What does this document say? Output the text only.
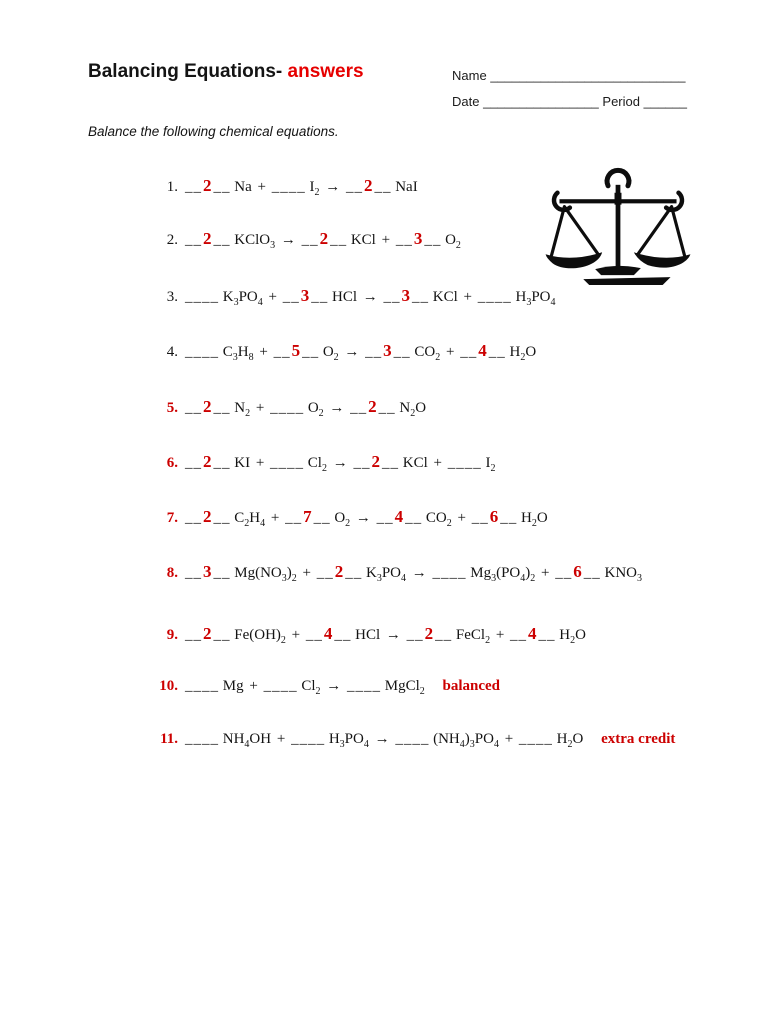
Balancing Equations- answers	Name ___________________________
Date ________________ Period ______
Balance the following chemical equations.
1. __2__ Na + ____ $I_2$ → __2__ NaI
2. __2__ KClO$_3$ → __2__ KCl + __3__ $O_2$
3. ____ $K_3PO_4$ + __3__ HCl → __3__ KCl + ____ $H_3PO_4$
4. ____ $C_3H_8$ + __5__ $O_2$ → __3__ $CO_2$ + __4__ $H_2O$
5. __2__ $N_2$ + ____ $O_2$ → __2__ $N_2O$
6. __2__ KI + ____ $Cl_2$ → __2__ KCl + ____ $I_2$
7. __2__ $C_2H_4$ + __7__ $O_2$ → __4__ $CO_2$ + __6__ $H_2O$
8. __3__ $Mg(NO_3)_2$ + __2__ $K_3PO_4$ → ____ $Mg_3(PO_4)_2$ + __6__ $KNO_3$
9. __2__ $Fe(OH)_2$ + __4__ HCl → __2__ FeCl$_2$ + __4__ $H_2O$
10. ____ Mg + ____ $Cl_2$ → ____ MgCl$_2$ balanced
11. ____ $NH_4OH$ + ____ $H_3PO_4$ → ____ $(NH_4)_3PO_4$ + ____ $H_2O$ extra credit
